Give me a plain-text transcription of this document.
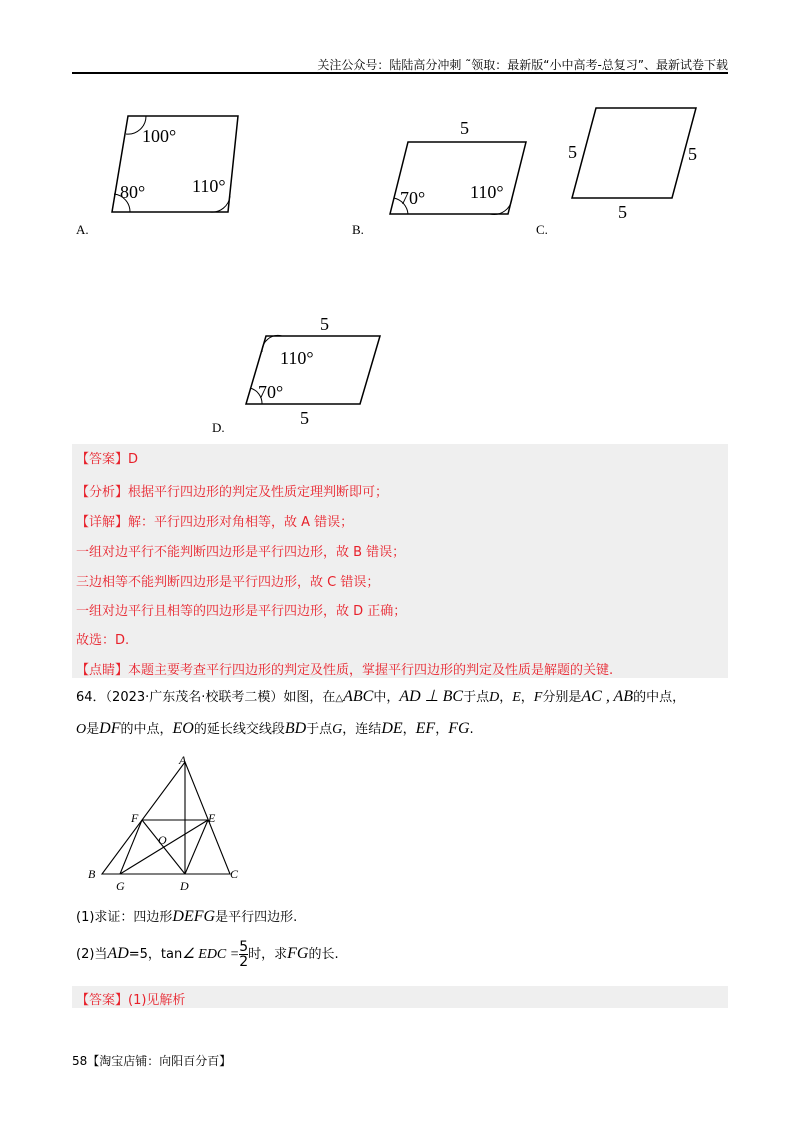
关注公众号：陆陆高分冲刺 ˜领取：最新版“小中高考-总复习”、最新试卷下载
100°
80°	110°
A.
5
70° 110°
B.
5	5
5
C.
5
110°
70°
5
D.
【答案】D
【分析】根据平行四边形的判定及性质定理判断即可；
【详解】解：平行四边形对角相等，故 A 错误；
一组对边平行不能判断四边形是平行四边形，故 B 错误；
三边相等不能判断四边形是平行四边形，故 C 错误；
一组对边平行且相等的四边形是平行四边形，故 D 正确；
故选：D.
【点睛】本题主要考查平行四边形的判定及性质，掌握平行四边形的判定及性质是解题的关键.
64．（2023·广东茂名·校联考二模）如图，在△ABC中，AD ⊥ BC于点D，E，F分别是AC , AB的中点，
O是DF的中点，EO的延长线交线段BD于点G，连结DE，EF，FG.
A
B	C
D
E
F
G
O
(1)求证：四边形DEFG是平行四边形.
(2)当AD=5，tan∠ EDC = $\frac{5}{2}$ 时，求FG的长.
【答案】(1)见解析
58【淘宝店铺：向阳百分百】
